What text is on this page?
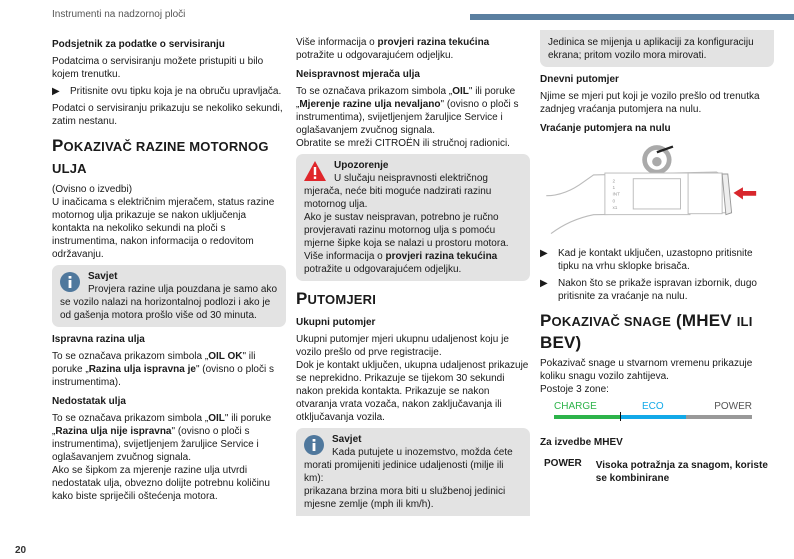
Instrumenti na nadzornoj ploči
20
Podsjetnik za podatke o servisiranju

Podatcima o servisiranju možete pristupiti u bilo kojem trenutku.

▶ Pritisnite ovu tipku koja je na obruču upravljača.

Podatci o servisiranju prikazuju se nekoliko sekundi, zatim nestanu.

POKAZIVAČ RAZINE MOTORNOG ULJA

(Ovisno o izvedbi)

U inačicama s električnim mjeračem, status razine motornog ulja prikazuje se nakon uključenja kontakta na nekoliko sekundi na ploči s instrumentima, nakon informacija o redovitom održavanju.

Savjet
Provjera razine ulja pouzdana je samo ako se vozilo nalazi na horizontalnoj podlozi i ako je od gašenja motora prošlo više od 30 minuta.
Ispravna razina ulja

To se označava prikazom simbola „OIL OK" ili poruke „Razina ulja ispravna je" (ovisno o ploči s instrumentima).

Nedostatak ulja

To se označava prikazom simbola „OIL" ili poruke „Razina ulja nije ispravna" (ovisno o ploči s instrumentima), svijetljenjem žaruljice Service i oglašavanjem zvučnog signala.

Ako se šipkom za mjerenje razine ulja utvrdi nedostatak ulja, obvezno dolijte potrebnu količinu kako biste spriječili oštećenja motora.

Više informacija o provjeri razina tekućina potražite u odgovarajućem odjeljku.

Neispravnost mjerača ulja

To se označava prikazom simbola „OIL" ili poruke „Mjerenje razine ulja nevaljano" (ovisno o ploči s instrumentima), svijetljenjem žaruljice Service i oglašavanjem zvučnog signala.

Obratite se mreži CITROËN ili stručnoj radionici.

Upozorenje
U slučaju neispravnosti električnog mjerača, neće biti moguće nadzirati razinu motornog ulja.
Ako je sustav neispravan, potrebno je ručno provjeravati razinu motornog ulja s pomoću mjerne šipke koja se nalazi u prostoru motora.
Više informacija o provjeri razina tekućina potražite u odgovarajućem odjeljku.
PUTOMJERI
Ukupni putomjer

Ukupni putomjer mjeri ukupnu udaljenost koju je vozilo prešlo od prve registracije.

Dok je kontakt uključen, ukupna udaljenost prikazuje se neprekidno. Prikazuje se tijekom 30 sekundi nakon prekida kontakta. Prikazuje se nakon otvaranja vrata vozača, nakon zaključavanja ili otključavanja vozila.

Savjet
Kada putujete u inozemstvo, možda ćete morati promijeniti jedinice udaljenosti (milje ili km):
prikazana brzina mora biti u službenoj jedinici mjesne zemlje (mph ili km/h).
Jedinica se mijenja u aplikaciji za konfiguraciju ekrana; pritom vozilo mora mirovati.
Dnevni putomjer

Njime se mjeri put koji je vozilo prešlo od trenutka zadnjeg vraćanja putomjera na nulu.

Vraćanje putomjera na nulu
2
1
INT
0
x1
▶ Kad je kontakt uključen, uzastopno pritisnite tipku na vrhu sklopke brisača.
▶ Nakon što se prikaže ispravan izbornik, dugo pritisnite za vraćanje na nulu.
POKAZIVAČ SNAGE (MHEV ILI BEV)

Pokazivač snage u stvarnom vremenu prikazuje koliku snagu vozilo zahtijeva.

Postoje 3 zone:

CHARGE	ECO	POWER
Za izvedbe MHEV
POWER Visoka potražnja za snagom, koriste se kombinirane
